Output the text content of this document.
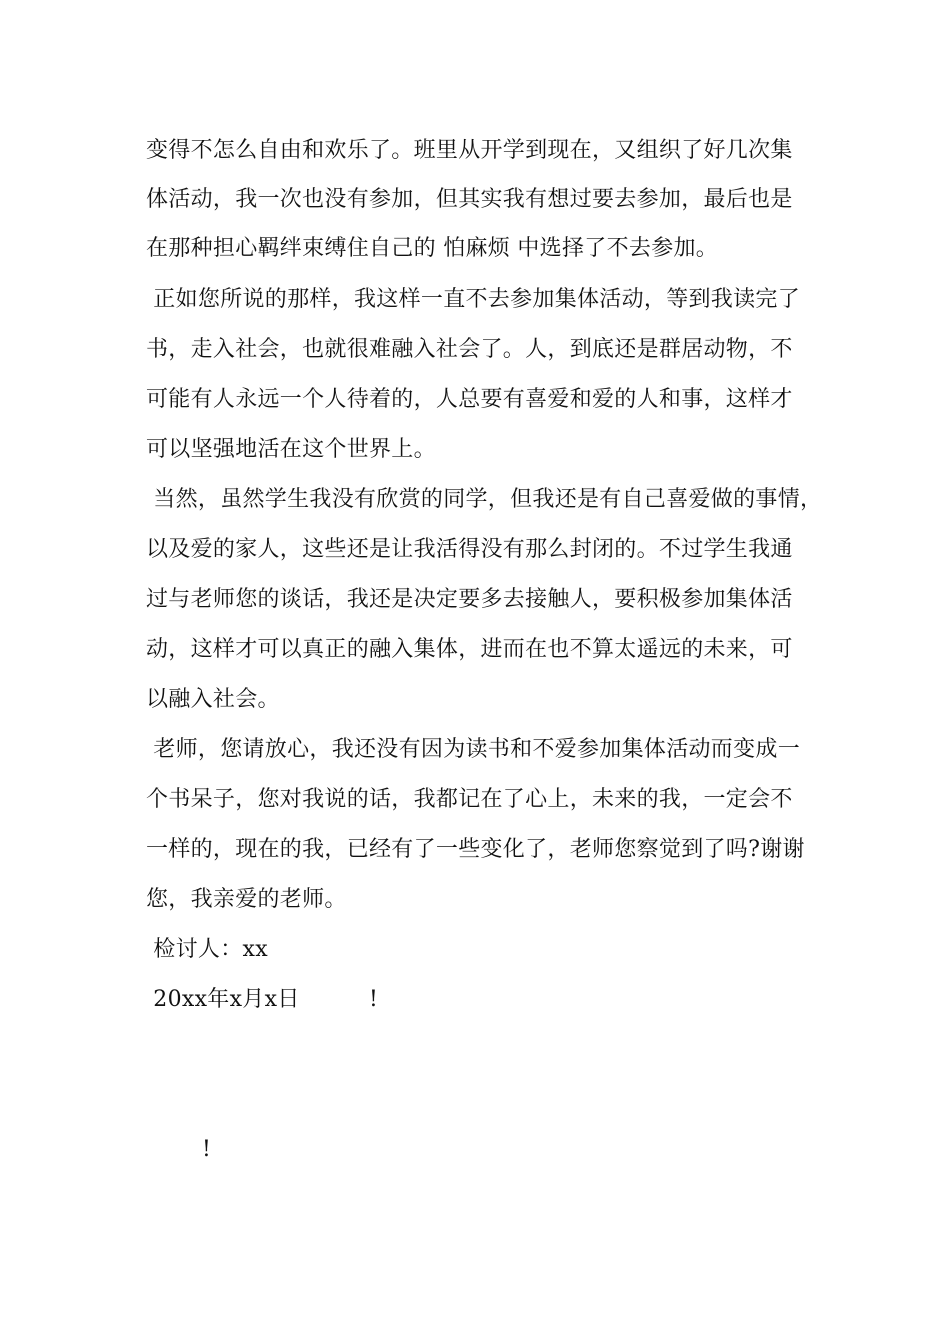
变得不怎么自由和欢乐了。班里从开学到现在，又组织了好几次集
体活动，我一次也没有参加，但其实我有想过要去参加，最后也是
在那种担心羁绊束缚住自己的 怕麻烦 中选择了不去参加。
正如您所说的那样，我这样一直不去参加集体活动，等到我读完了
书，走入社会，也就很难融入社会了。人，到底还是群居动物，不
可能有人永远一个人待着的，人总要有喜爱和爱的人和事，这样才
可以坚强地活在这个世界上。
当然，虽然学生我没有欣赏的同学，但我还是有自己喜爱做的事情，
以及爱的家人，这些还是让我活得没有那么封闭的。不过学生我通
过与老师您的谈话，我还是决定要多去接触人，要积极参加集体活
动，这样才可以真正的融入集体，进而在也不算太遥远的未来，可
以融入社会。
老师，您请放心，我还没有因为读书和不爱参加集体活动而变成一
个书呆子，您对我说的话，我都记在了心上，未来的我，一定会不
一样的，现在的我，已经有了一些变化了，老师您察觉到了吗?谢谢
您，我亲爱的老师。
检讨人：xx
20xx年x月x日	!
!
